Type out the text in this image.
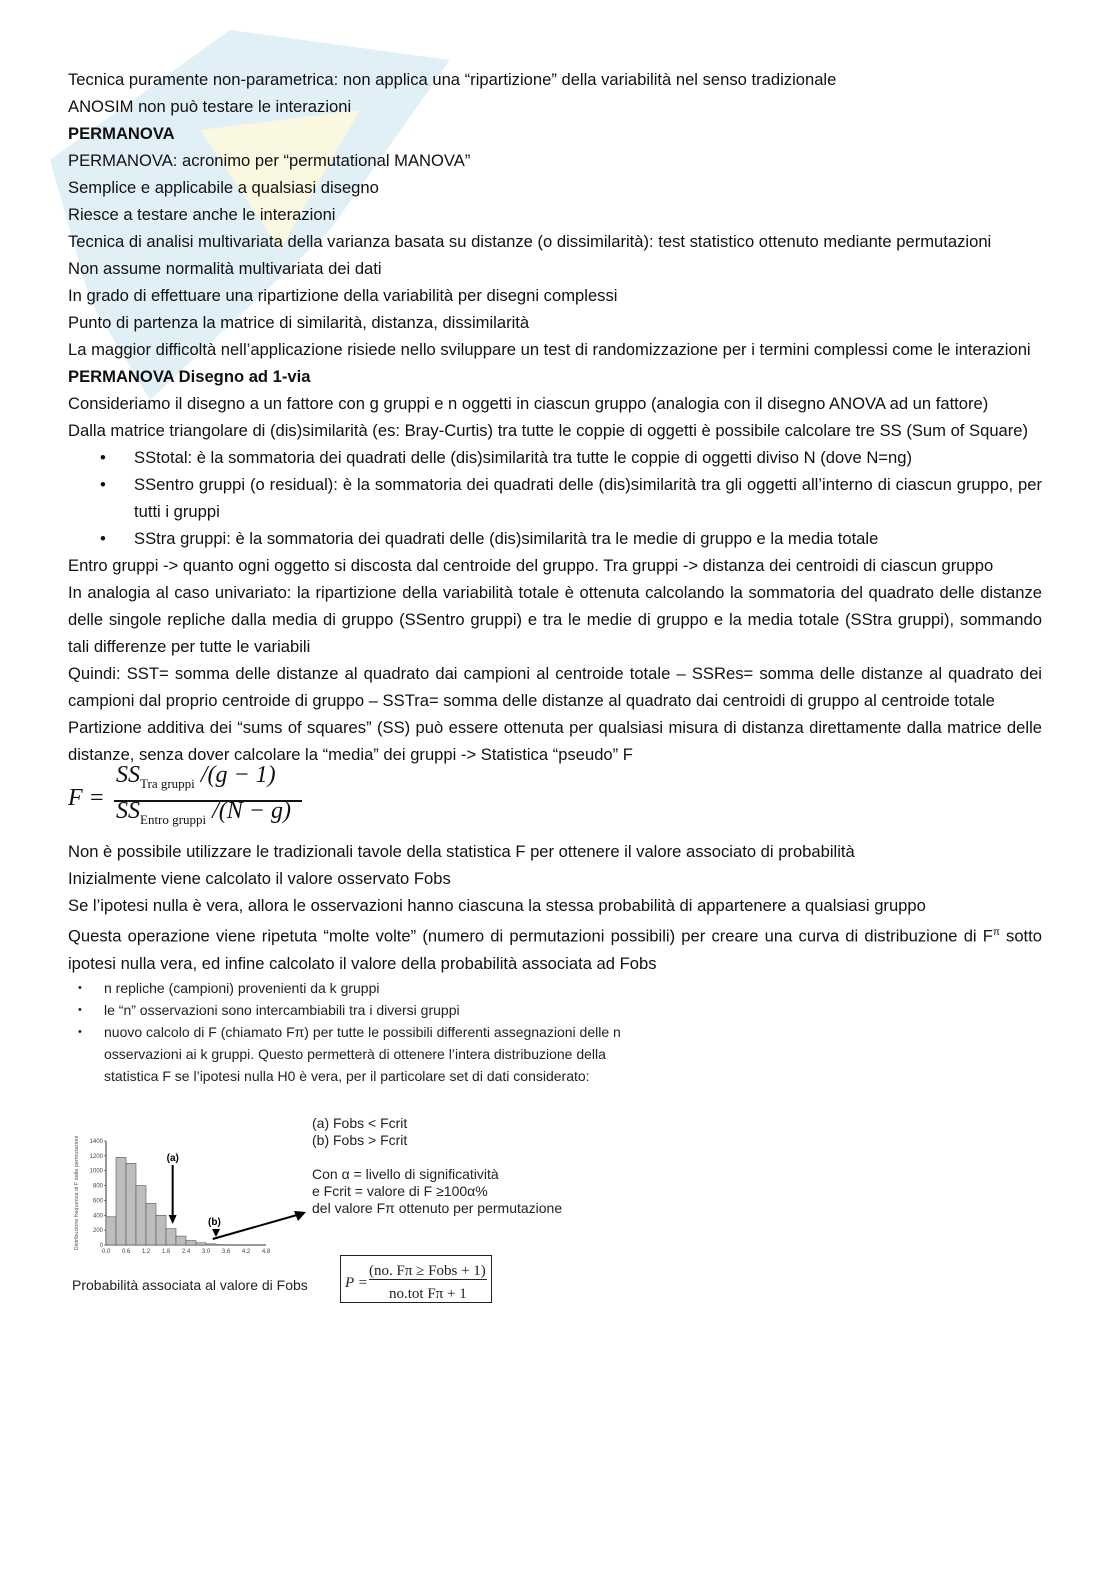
Tecnica puramente non-parametrica: non applica una “ripartizione” della variabilità nel senso tradizionale

ANOSIM non può testare le interazioni

PERMANOVA

PERMANOVA: acronimo per “permutational MANOVA”

Semplice e applicabile a qualsiasi disegno

Riesce a testare anche le interazioni

Tecnica di analisi multivariata della varianza basata su distanze (o dissimilarità): test statistico ottenuto mediante permutazioni

Non assume normalità multivariata dei dati

In grado di effettuare una ripartizione della variabilità per disegni complessi

Punto di partenza la matrice di similarità, distanza, dissimilarità

La maggior difficoltà nell’applicazione risiede nello sviluppare un test di randomizzazione per i termini complessi come le interazioni

PERMANOVA Disegno ad 1-via

Consideriamo il disegno a un fattore con g gruppi e n oggetti in ciascun gruppo (analogia con il disegno ANOVA ad un fattore)

Dalla matrice triangolare di (dis)similarità (es: Bray-Curtis) tra tutte le coppie di oggetti è possibile calcolare tre SS (Sum of Square)

• SStotal: è la sommatoria dei quadrati delle (dis)similarità tra tutte le coppie di oggetti diviso N (dove N=ng)
• SSentro gruppi (o residual): è la sommatoria dei quadrati delle (dis)similarità tra gli oggetti all’interno di ciascun gruppo, per tutti i gruppi
• SStra gruppi: è la sommatoria dei quadrati delle (dis)similarità tra le medie di gruppo e la media totale

Entro gruppi -> quanto ogni oggetto si discosta dal centroide del gruppo. Tra gruppi -> distanza dei centroidi di ciascun gruppo

In analogia al caso univariato: la ripartizione della variabilità totale è ottenuta calcolando la sommatoria del quadrato delle distanze delle singole repliche dalla media di gruppo (SSentro gruppi) e tra le medie di gruppo e la media totale (SStra gruppi), sommando tali differenze per tutte le variabili

Quindi: SST= somma delle distanze al quadrato dai campioni al centroide totale – SSRes= somma delle distanze al quadrato dei campioni dal proprio centroide di gruppo – SSTra= somma delle distanze al quadrato dai centroidi di gruppo al centroide totale

Partizione additiva dei “sums of squares” (SS) può essere ottenuta per qualsiasi misura di distanza direttamente dalla matrice delle distanze, senza dover calcolare la “media” dei gruppi -> Statistica “pseudo” F

F =
$SS_{Tra gruppi}$ /(g − 1)
$SS_{Entro gruppi}$ /(N − g)

Non è possibile utilizzare le tradizionali tavole della statistica F per ottenere il valore associato di probabilità

Inizialmente viene calcolato il valore osservato Fobs

Se l’ipotesi nulla è vera, allora le osservazioni hanno ciascuna la stessa probabilità di appartenere a qualsiasi gruppo

Questa operazione viene ripetuta “molte volte” (numero di permutazioni possibili) per creare una curva di distribuzione di $F^\pi$ sotto ipotesi nulla vera, ed infine calcolato il valore della probabilità associata ad Fobs

• n repliche (campioni) provenienti da k gruppi
• le “n” osservazioni sono intercambiabili tra i diversi gruppi
• nuovo calcolo di F (chiamato Fπ) per tutte le possibili differenti assegnazioni delle n osservazioni ai k gruppi. Questo permetterà di ottenere l’intera distribuzione della statistica F se l’ipotesi nulla H0 è vera, per il particolare set di dati considerato:
0
200
400
600
800
1000
1200
1400
0.0 0.6 1.2 1.8 2.4 3.0 3.6 4.2 4.8
Distribuzione frequenza di F dalle permutazioni	(a)
(b)
(a) Fobs < Fcrit
(b) Fobs > Fcrit
Con α = livello di significatività
e Fcrit = valore di F ≥100α%
del valore Fπ ottenuto per permutazione
Probabilità associata al valore di Fobs P =
(no. Fπ ≥ Fobs + 1)
no.tot Fπ + 1
